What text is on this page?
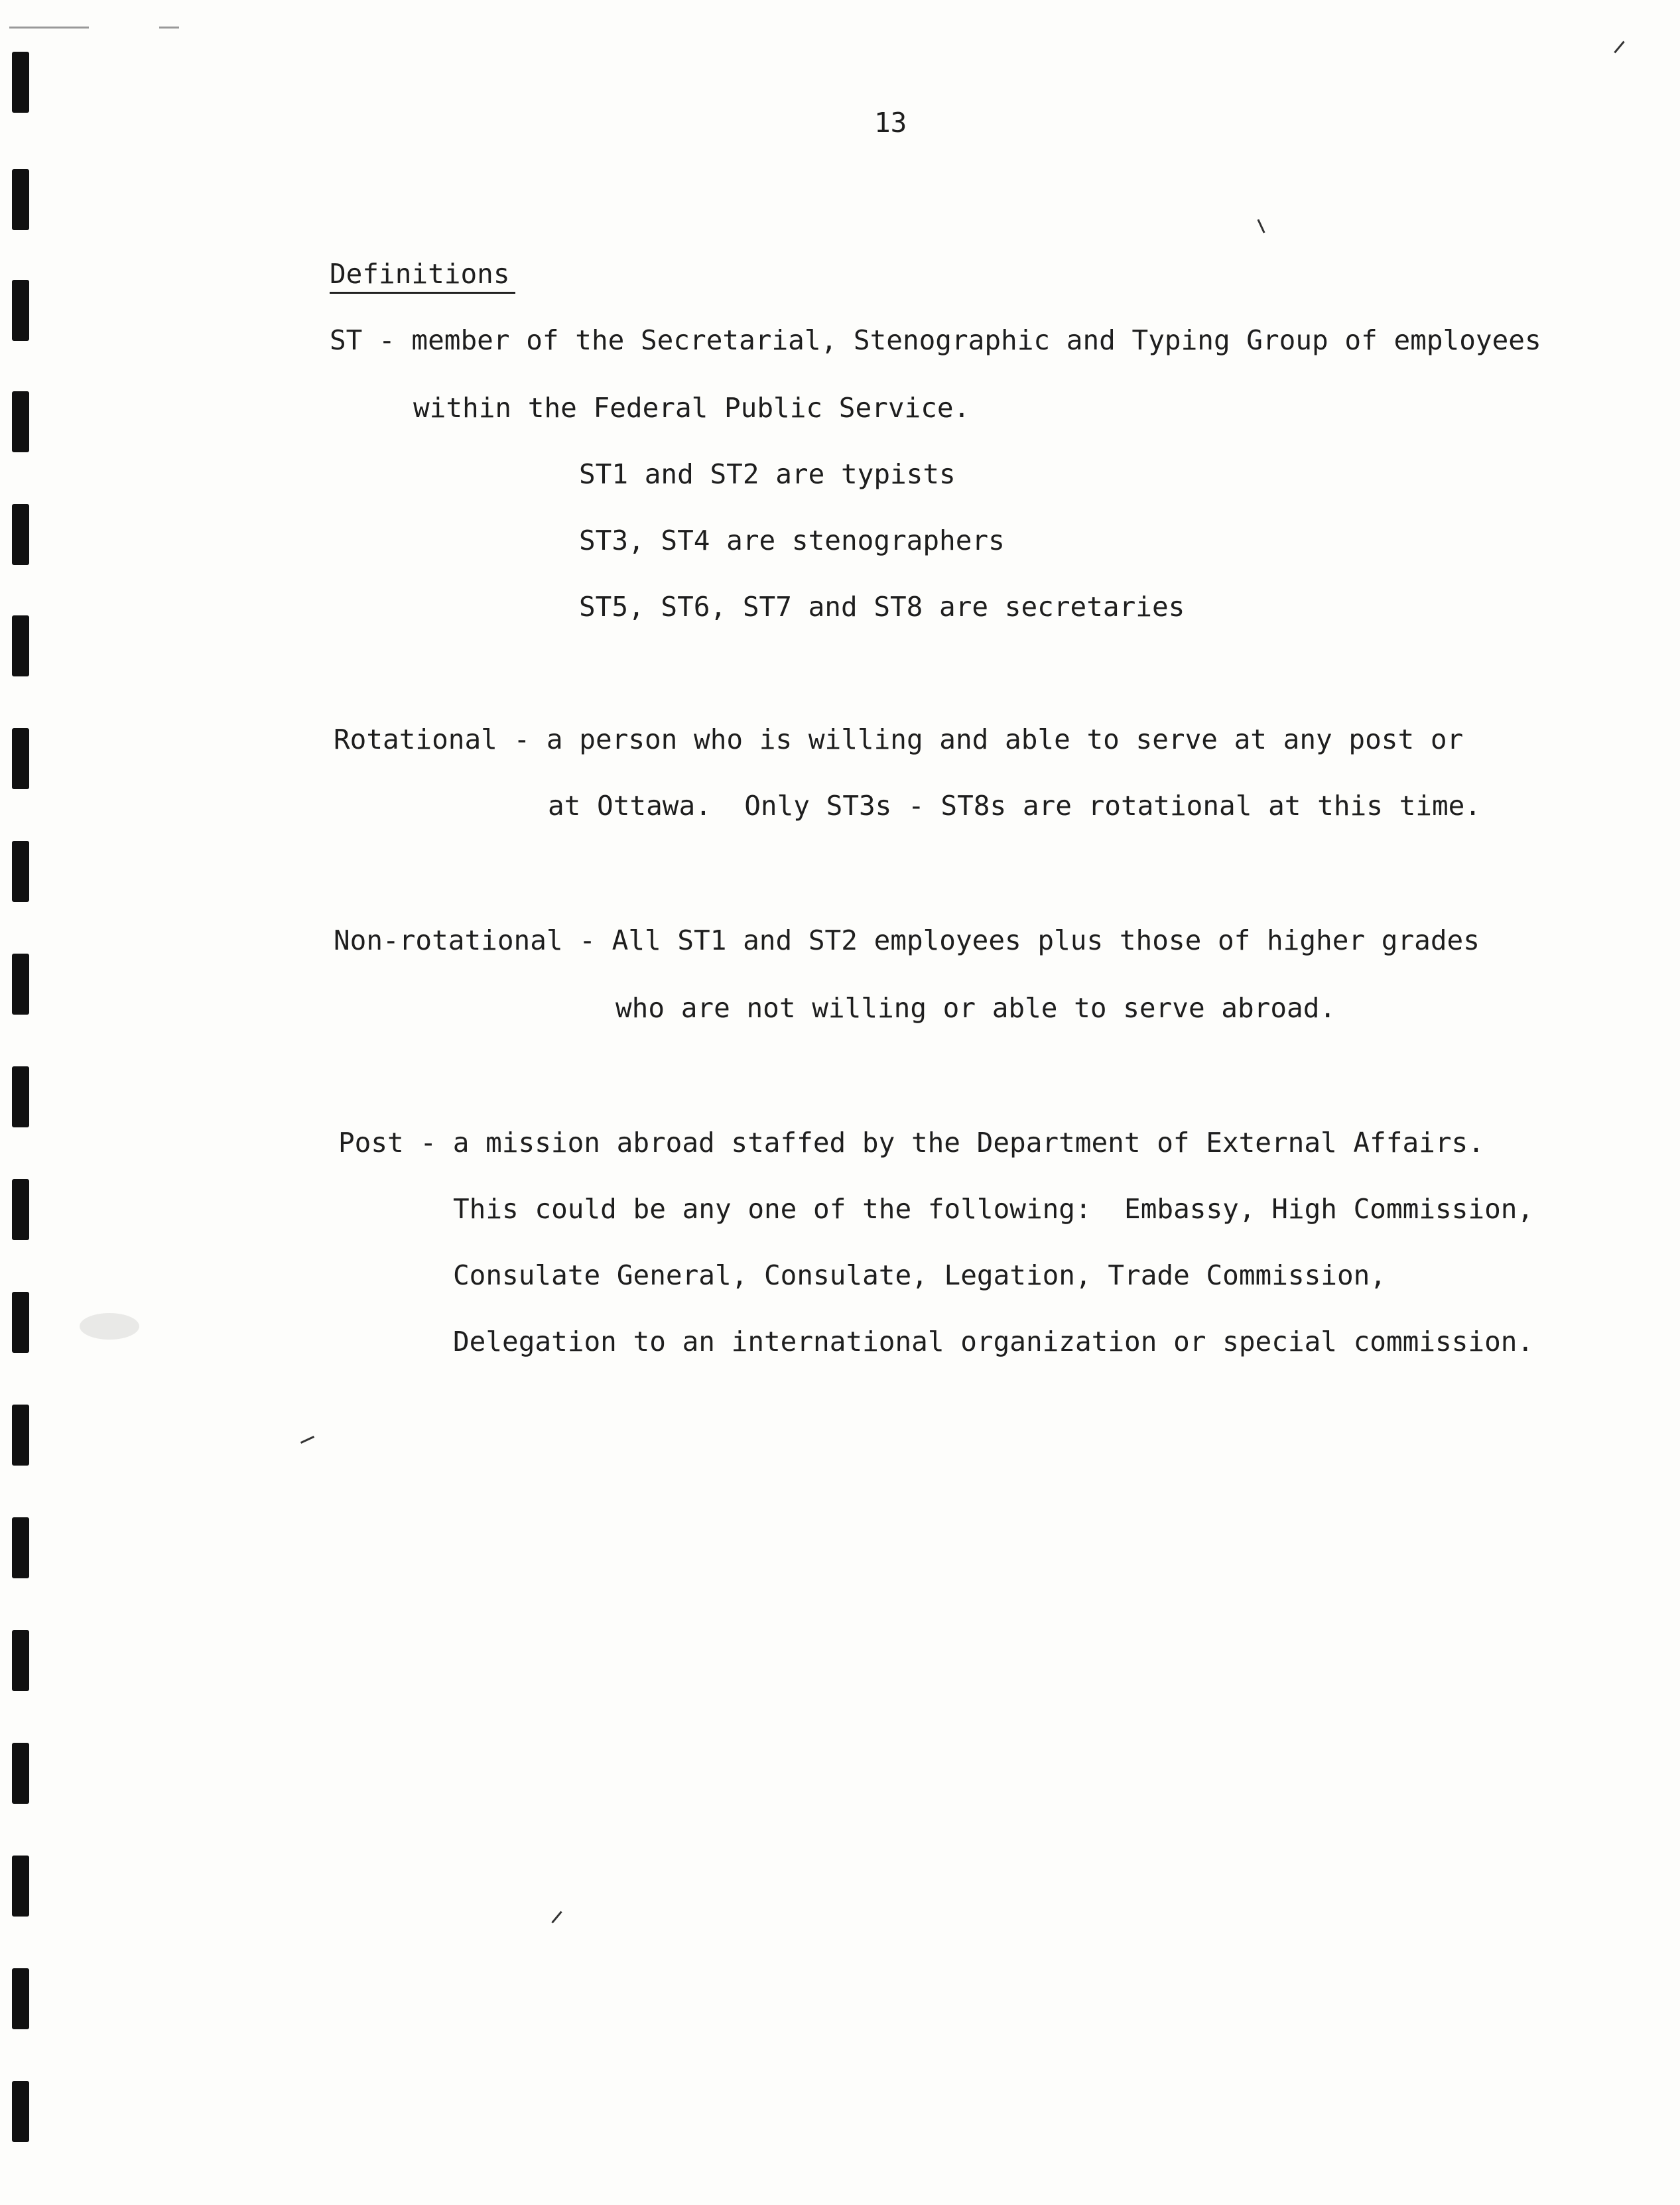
13
Definitions
ST - member of the Secretarial, Stenographic and Typing Group of employees
within the Federal Public Service.
ST1 and ST2 are typists
ST3, ST4 are stenographers
ST5, ST6, ST7 and ST8 are secretaries
Rotational - a person who is willing and able to serve at any post or
at Ottawa.  Only ST3s - ST8s are rotational at this time.
Non-rotational - All ST1 and ST2 employees plus those of higher grades
who are not willing or able to serve abroad.
Post - a mission abroad staffed by the Department of External Affairs.
This could be any one of the following:  Embassy, High Commission,
Consulate General, Consulate, Legation, Trade Commission,
Delegation to an international organization or special commission.
